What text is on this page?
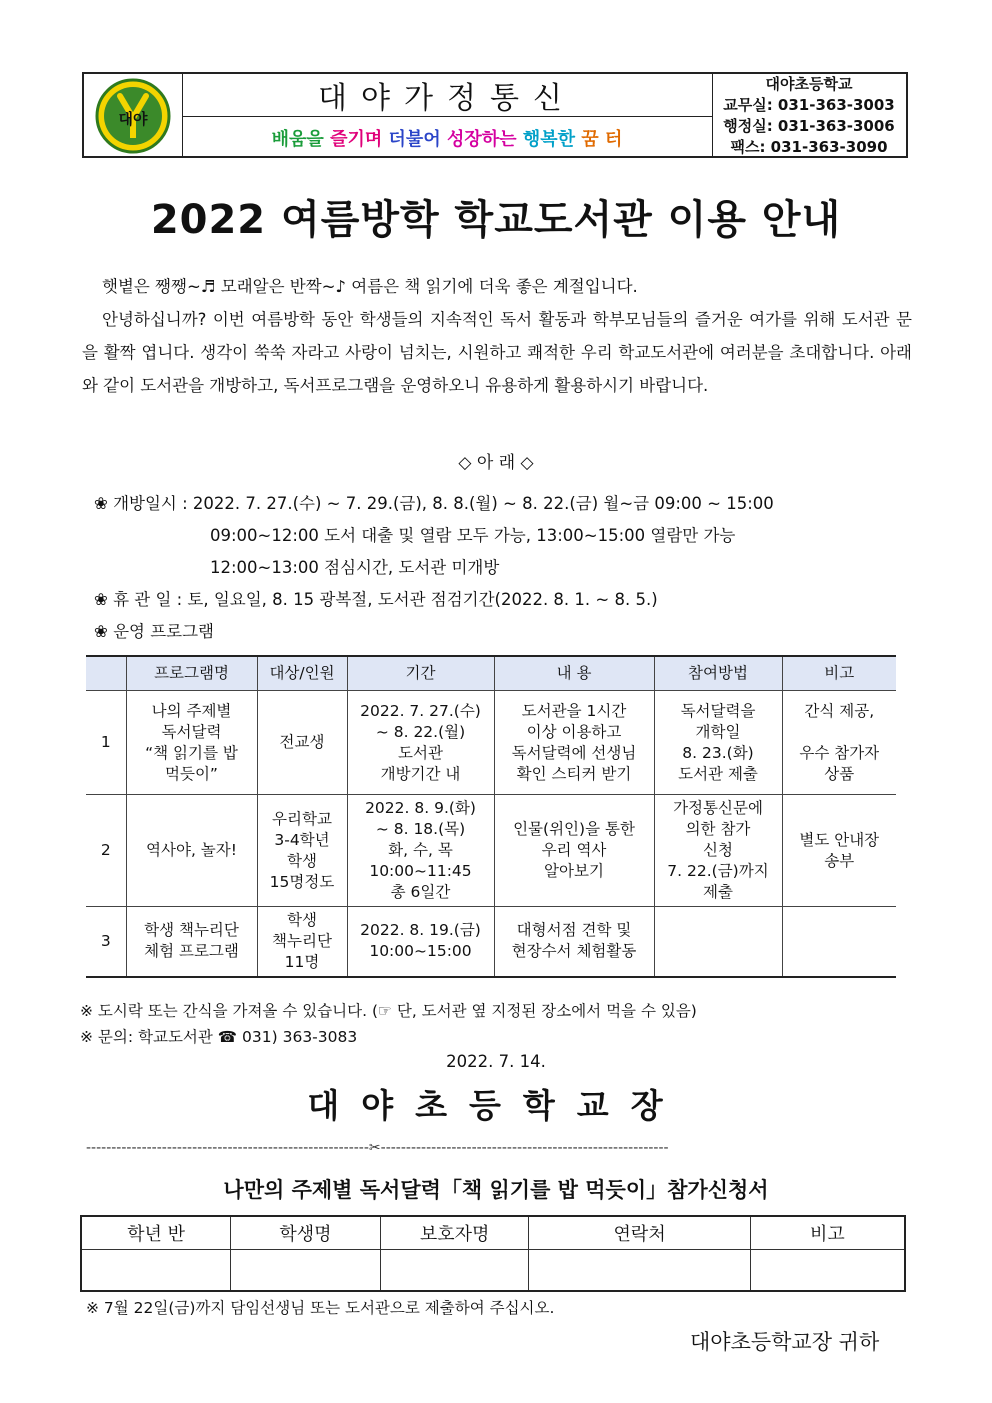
대야
대야가정통신
배움을
즐기며
더불어
성장하는
행복한
꿈 터
대야초등학교
교무실: 031-363-3003
행정실: 031-363-3006
팩스: 031-363-3090
2022 여름방학 학교도서관 이용 안내

햇볕은 쨍쨍~♬ 모래알은 반짝~♪ 여름은 책 읽기에 더욱 좋은 계절입니다.

안녕하십니까? 이번 여름방학 동안 학생들의 지속적인 독서 활동과 학부모님들의 즐거운 여가를 위해 도서관 문을 활짝 엽니다. 생각이 쑥쑥 자라고 사랑이 넘치는, 시원하고 쾌적한 우리 학교도서관에 여러분을 초대합니다. 아래와 같이 도서관을 개방하고, 독서프로그램을 운영하오니 유용하게 활용하시기 바랍니다.

◇ 아 래 ◇
❀ 개방일시 : 2022. 7. 27.(수) ~ 7. 29.(금), 8. 8.(월) ~ 8. 22.(금) 월~금 09:00 ~ 15:00
09:00~12:00 도서 대출 및 열람 모두 가능, 13:00~15:00 열람만 가능
12:00~13:00 점심시간, 도서관 미개방
❀ 휴 관 일 : 토, 일요일, 8. 15 광복절, 도서관 점검기간(2022. 8. 1. ~ 8. 5.)
❀ 운영 프로그램
	프로그램명	대상/인원	기간	내 용	참여방법	비고
1	나의 주제별
독서달력
“책 읽기를 밥
먹듯이”	전교생	2022. 7. 27.(수)
~ 8. 22.(월)
도서관
개방기간 내	도서관을 1시간
이상 이용하고
독서달력에 선생님
확인 스티커 받기	독서달력을
개학일
8. 23.(화)
도서관 제출	간식 제공,

우수 참가자
상품
2	역사야, 놀자!	우리학교
3-4학년
학생
15명정도	2022. 8. 9.(화)
~ 8. 18.(목)
화, 수, 목
10:00~11:45
총 6일간	인물(위인)을 통한
우리 역사
알아보기	가정통신문에
의한 참가
신청
7. 22.(금)까지
제출	별도 안내장
송부
3	학생 책누리단
체험 프로그램	학생
책누리단
11명	2022. 8. 19.(금)
10:00~15:00	대형서점 견학 및
현장수서 체험활동		
※ 도시락 또는 간식을 가져올 수 있습니다. (☞ 단, 도서관 옆 지정된 장소에서 먹을 수 있음)
※ 문의: 학교도서관 ☎ 031) 363-3083
2022. 7. 14.
대야초등학교장
--------------------------------------------------------✂---------------------------------------------------------
나만의 주제별 독서달력「책 읽기를 밥 먹듯이」참가신청서
학년 반	학생명	보호자명	연락처	비고

※ 7월 22일(금)까지 담임선생님 또는 도서관으로 제출하여 주십시오.
대야초등학교장 귀하
